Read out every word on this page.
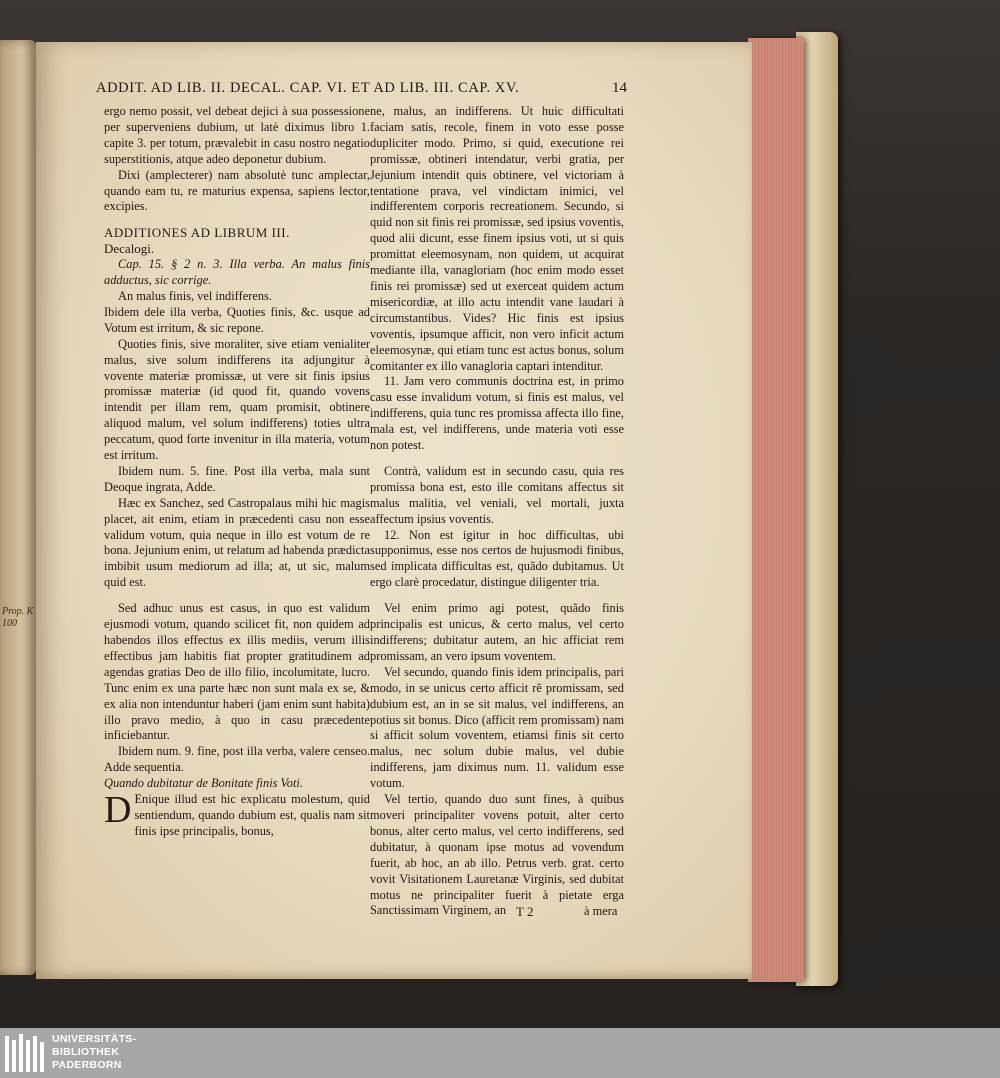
Prop. K 100
ADDIT. AD LIB. II. DECAL. CAP. VI. ET AD LIB. III. CAP. XV.	14

ergo nemo possit, vel debeat dejici à sua possessione per superveniens dubium, ut latè diximus libro 1. capite 3. per totum, prævalebit in casu nostro negatio superstitionis, atque adeo deponetur dubium.

Dixi (amplecterer) nam absolutè tunc amplectar, quando eam tu, re maturius expensa, sapiens lector, excipies.

ADDITIONES AD LIBRUM III.

Decalogi.

Cap. 15. § 2 n. 3. Illa verba. An malus finis adductus, sic corrige.

An malus finis, vel indifferens.

Ibidem dele illa verba, Quoties finis, &c. usque ad Votum est irritum, & sic repone.

Quoties finis, sive moraliter, sive etiam venialiter malus, sive solum indifferens ita adjungitur à vovente materiæ promissæ, ut vere sit finis ipsius promissæ materiæ (id quod fit, quando vovens intendit per illam rem, quam promisit, obtinere aliquod malum, vel solum indifferens) toties ultra peccatum, quod forte invenitur in illa materia, votum est irritum.

Ibidem num. 5. fine. Post illa verba, mala sunt Deoque ingrata, Adde.

Hæc ex Sanchez, sed Castropalaus mihi hic magis placet, ait enim, etiam in præcedenti casu non esse validum votum, quia neque in illo est votum de re bona. Jejunium enim, ut relatum ad habenda prædicta imbibit usum mediorum ad illa; at, ut sic, malum quid est.

Sed adhuc unus est casus, in quo est validum ejusmodi votum, quando scilicet fit, non quidem ad habendos illos effectus ex illis mediis, verum illis effectibus jam habitis fiat propter gratitudinem ad agendas gratias Deo de illo filio, incolumitate, lucro. Tunc enim ex una parte hæc non sunt mala ex se, & ex alia non intenduntur haberi (jam enim sunt habita) illo pravo medio, à quo in casu præcedente inficiebantur.

Ibidem num. 9. fine, post illa verba, valere censeo. Adde sequentia.

Quando dubitatur de Bonitate finis Voti.

D Enique illud est hic explicatu molestum, quid sentiendum, quando dubium est, qualis nam sit finis ipse principalis, bonus,

ne, malus, an indifferens. Ut huic difficultati faciam satis, recole, finem in voto esse posse dupliciter modo. Primo, si quid, executione rei promissæ, obtineri intendatur, verbi gratia, per Jejunium intendit quis obtinere, vel victoriam à tentatione prava, vel vindictam inimici, vel indifferentem corporis recreationem. Secundo, si quid non sit finis rei promissæ, sed ipsius voventis, quod alii dicunt, esse finem ipsius voti, ut si quis promittat eleemosynam, non quidem, ut acquirat mediante illa, vanagloriam (hoc enim modo esset finis rei promissæ) sed ut exerceat quidem actum misericordiæ, at illo actu intendit vane laudari à circumstantibus. Vides? Hic finis est ipsius voventis, ipsumque afficit, non vero inficit actum eleemosynæ, qui etiam tunc est actus bonus, solum comitanter ex illo vanagloria captari intenditur.

11. Jam vero communis doctrina est, in primo casu esse invalidum votum, si finis est malus, vel indifferens, quia tunc res promissa affecta illo fine, mala est, vel indifferens, unde materia voti esse non potest.

Contrà, validum est in secundo casu, quia res promissa bona est, esto ille comitans affectus sit malus malitia, vel veniali, vel mortali, juxta affectum ipsius voventis.

12. Non est igitur in hoc difficultas, ubi supponimus, esse nos certos de hujusmodi finibus, sed implicata difficultas est, quãdo dubitamus. Ut ergo clarè procedatur, distingue diligenter tria.

Vel enim primo agi potest, quãdo finis principalis est unicus, & certo malus, vel certo indifferens; dubitatur autem, an hic afficiat rem promissam, an vero ipsum voventem.

Vel secundo, quando finis idem principalis, pari modo, in se unicus certo afficit rẽ promissam, sed dubium est, an in se sit malus, vel indifferens, an potius sit bonus. Dico (afficit rem promissam) nam si afficit solum voventem, etiamsi finis sit certo malus, nec solum dubie malus, vel dubie indifferens, jam diximus num. 11. validum esse votum.

Vel tertio, quando duo sunt fines, à quibus moveri principaliter vovens potuit, alter certo bonus, alter certo malus, vel certo indifferens, sed dubitatur, à quonam ipse motus ad vovendum fuerit, ab hoc, an ab illo. Petrus verb. grat. certo vovit Visitationem Lauretanæ Virginis, sed dubitat motus ne principaliter fuerit à pietate erga Sanctissimam Virginem, an T 2	à mera
UNIVERSITÄTS-
BIBLIOTHEK
PADERBORN
